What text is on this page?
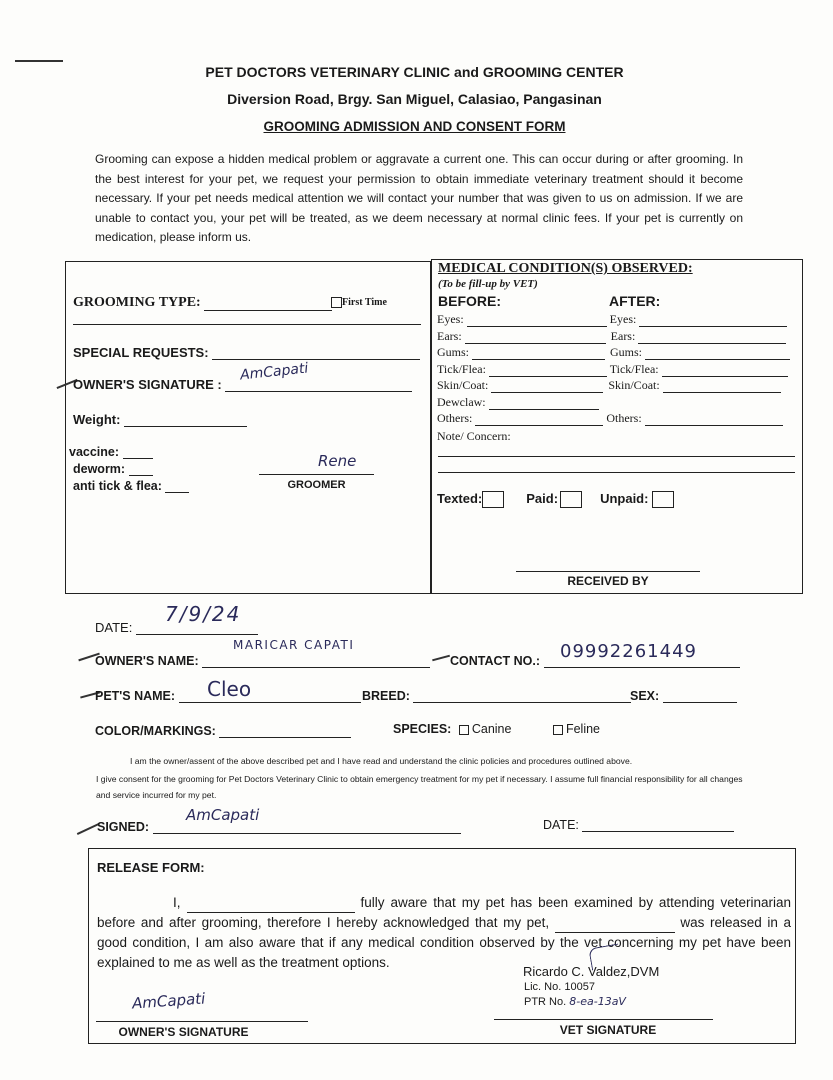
PET DOCTORS VETERINARY CLINIC and GROOMING CENTER
Diversion Road, Brgy. San Miguel, Calasiao, Pangasinan
GROOMING ADMISSION AND CONSENT FORM

Grooming can expose a hidden medical problem or aggravate a current one. This can occur during or after grooming. In the best interest for your pet, we request your permission to obtain immediate veterinary treatment should it become necessary. If your pet needs medical attention we will contact your number that was given to us on admission. If we are unable to contact you, your pet will be treated, as we deem necessary at normal clinic fees. If your pet is currently on medication, please inform us.

GROOMING TYPE:	First Time
SPECIAL REQUESTS:
OWNER'S SIGNATURE :
AmCapati
Weight:
vaccine:
deworm:
anti tick & flea:
Rene
GROOMER
MEDICAL CONDITION(S) OBSERVED:
(To be fill-up by VET)
BEFORE:	AFTER:
Eyes:	Eyes:
Ears:	Ears:
Gums:	Gums:
Tick/Flea:	Tick/Flea:
Skin/Coat:	Skin/Coat:
Dewclaw:
Others:	Others:
Note/ Concern:
Texted:	Paid:	Unpaid:
RECEIVED BY
DATE:
7/9/24
OWNER'S NAME:
MARICAR CAPATI
CONTACT NO.:	09992261449
PET'S NAME:	Cleo	BREED:	SEX:
COLOR/MARKINGS:	SPECIES: Canine	Feline
I am the owner/assent of the above described pet and I have read and understand the clinic policies and procedures outlined above.
I give consent for the grooming for Pet Doctors Veterinary Clinic to obtain emergency treatment for my pet if necessary. I assume full financial responsibility for all changes and service incurred for my pet.
SIGNED:
AmCapati
DATE:
RELEASE FORM:
I,	fully aware that my pet has been examined by attending veterinarian before and after grooming, therefore I hereby acknowledged that my pet,	was released in a good condition, I am also aware that if any medical condition observed by the vet concerning my pet have been explained to me as well as the treatment options.
Ricardo C. Valdez,DVM
Lic. No. 10057
PTR No. 8-ea-13aV
AmCapati
OWNER'S SIGNATURE	VET SIGNATURE
